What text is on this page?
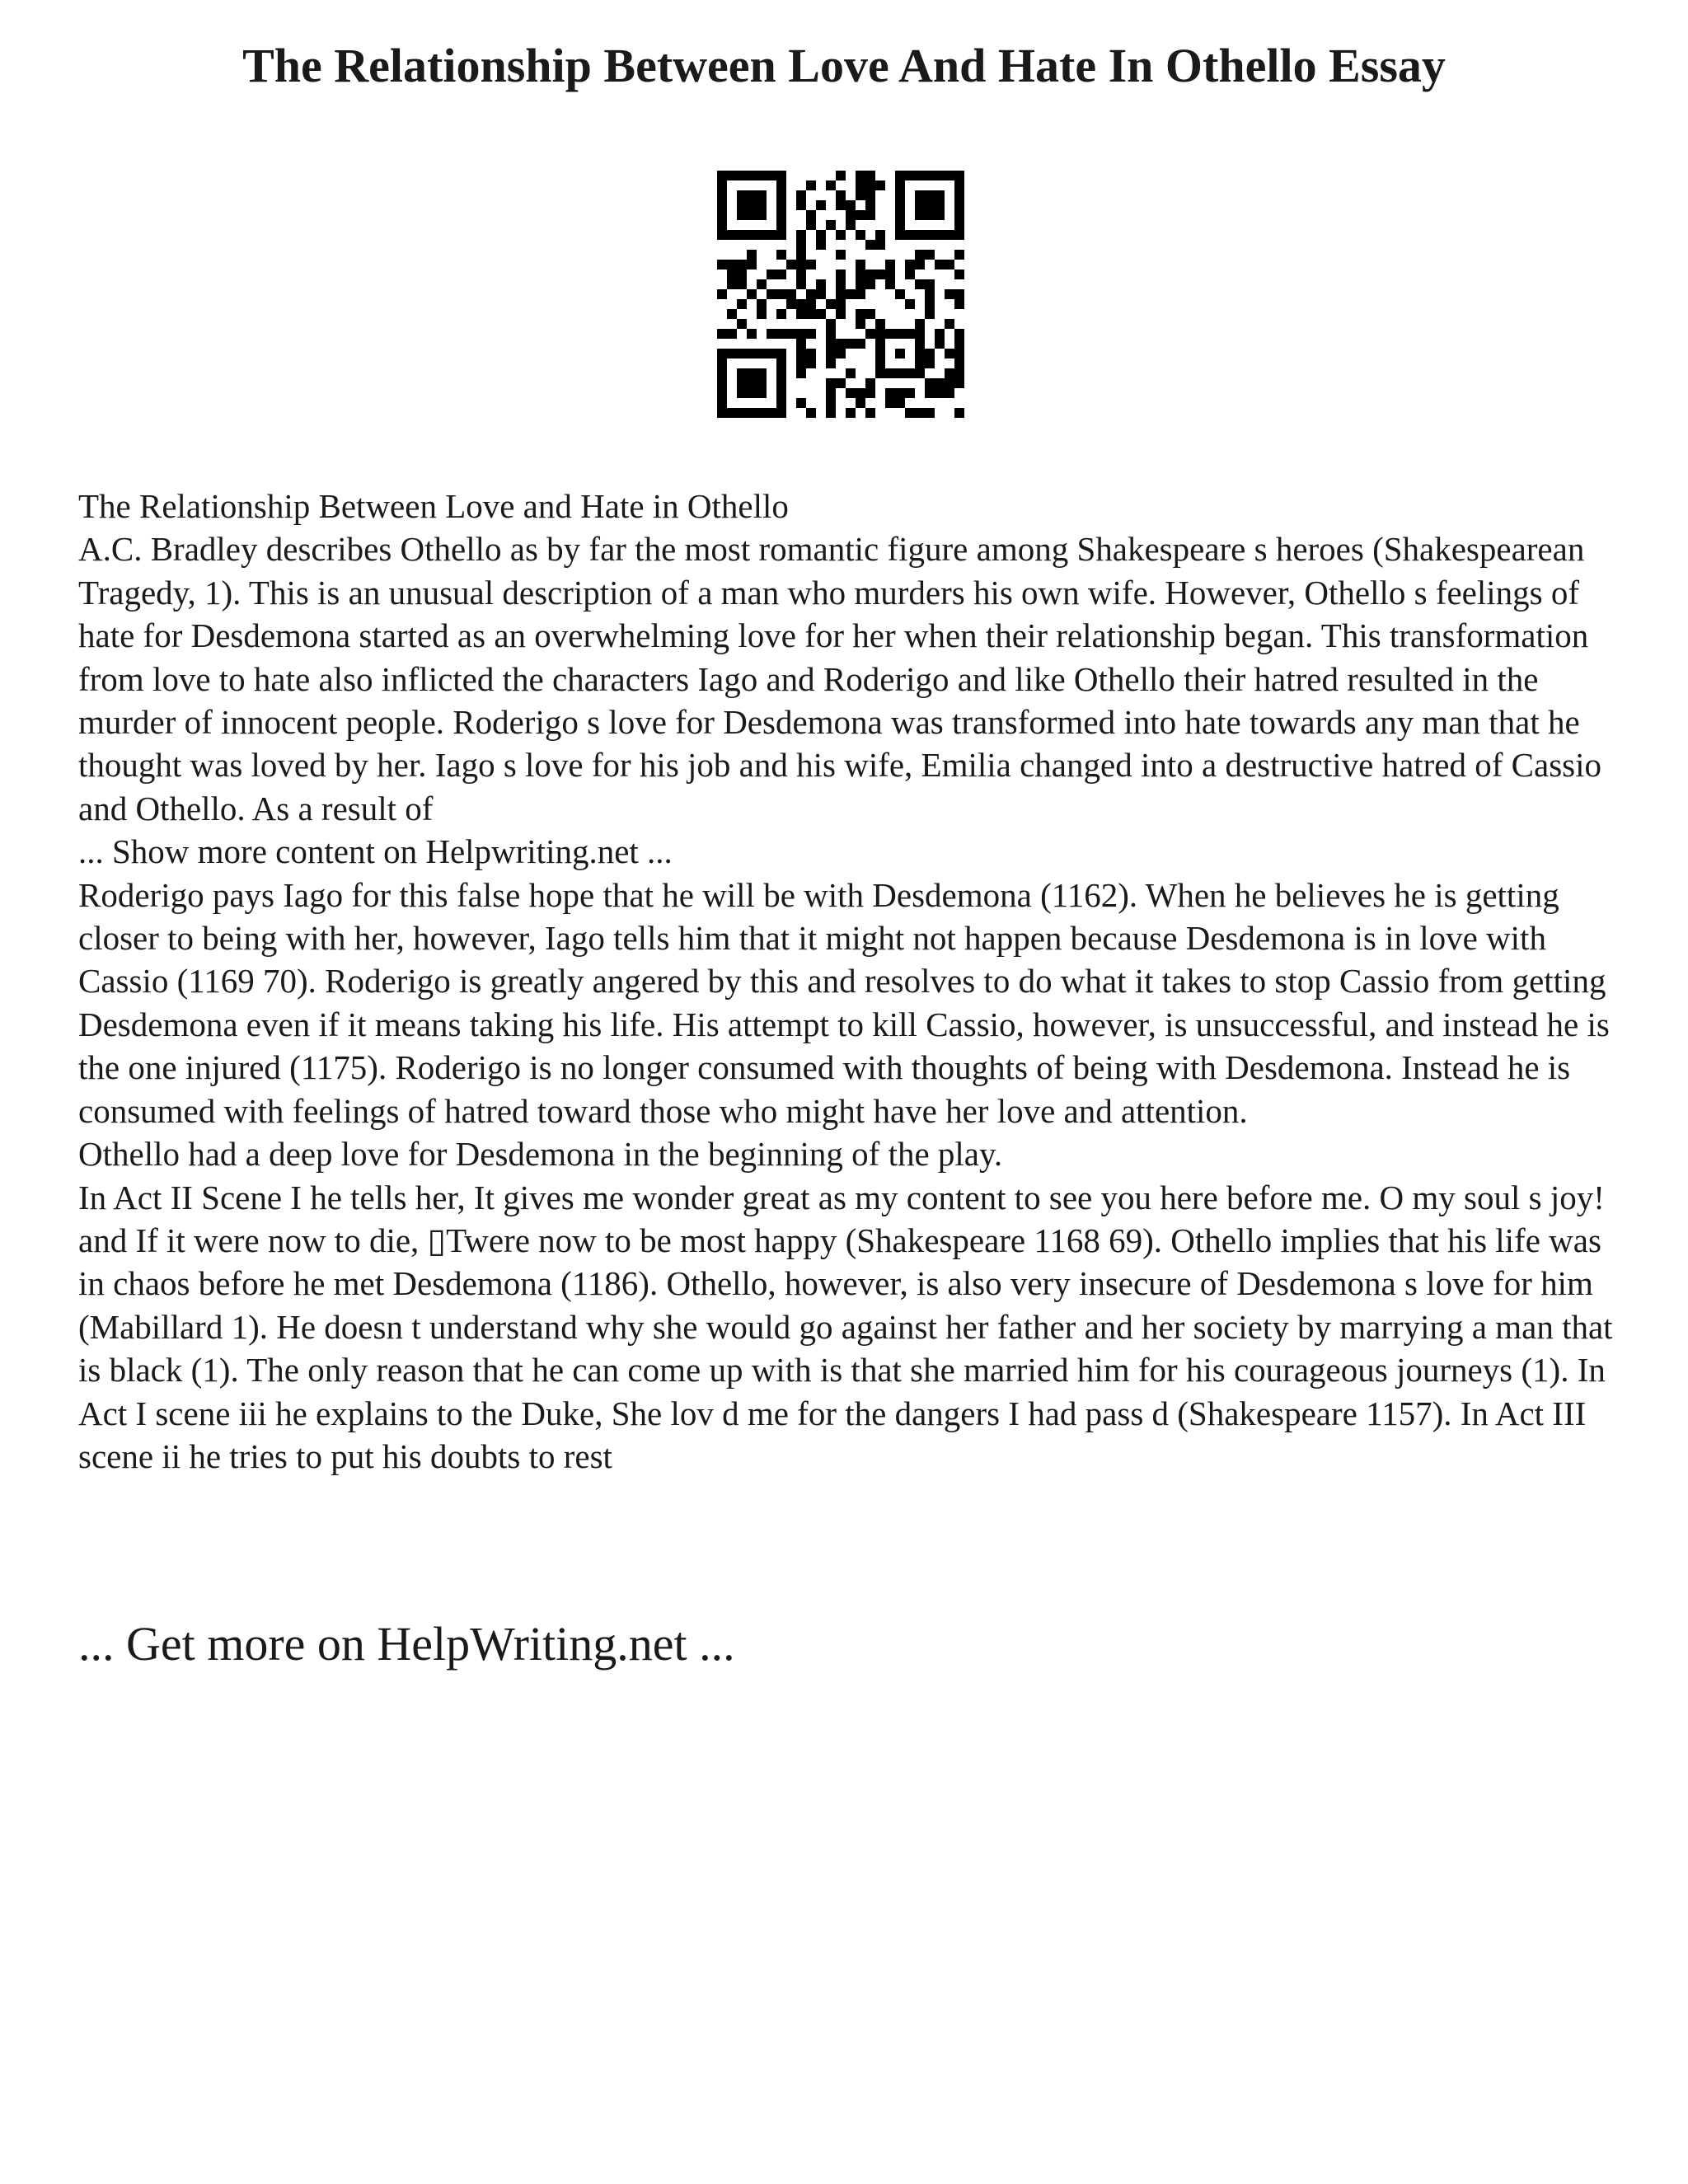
The Relationship Between Love And Hate In Othello Essay

The Relationship Between Love and Hate in Othello

A.C. Bradley describes Othello as by far the most romantic figure among Shakespeare s heroes (Shakespearean Tragedy, 1). This is an unusual description of a man who murders his own wife. However, Othello s feelings of hate for Desdemona started as an overwhelming love for her when their relationship began. This transformation from love to hate also inflicted the characters Iago and Roderigo and like Othello their hatred resulted in the murder of innocent people. Roderigo s love for Desdemona was transformed into hate towards any man that he thought was loved by her. Iago s love for his job and his wife, Emilia changed into a destructive hatred of Cassio and Othello. As a result of

... Show more content on Helpwriting.net ...

Roderigo pays Iago for this false hope that he will be with Desdemona (1162). When he believes he is getting closer to being with her, however, Iago tells him that it might not happen because Desdemona is in love with Cassio (1169 70). Roderigo is greatly angered by this and resolves to do what it takes to stop Cassio from getting Desdemona even if it means taking his life. His attempt to kill Cassio, however, is unsuccessful, and instead he is the one injured (1175). Roderigo is no longer consumed with thoughts of being with Desdemona. Instead he is consumed with feelings of hatred toward those who might have her love and attention.

Othello had a deep love for Desdemona in the beginning of the play.

In Act II Scene I he tells her, It gives me wonder great as my content to see you here before me. O my soul s joy! and If it were now to die, ▯Twere now to be most happy (Shakespeare 1168 69). Othello implies that his life was in chaos before he met Desdemona (1186). Othello, however, is also very insecure of Desdemona s love for him (Mabillard 1). He doesn t understand why she would go against her father and her society by marrying a man that is black (1). The only reason that he can come up with is that she married him for his courageous journeys (1). In Act I scene iii he explains to the Duke, She lov d me for the dangers I had pass d (Shakespeare 1157). In Act III scene ii he tries to put his doubts to rest

... Get more on HelpWriting.net ...
